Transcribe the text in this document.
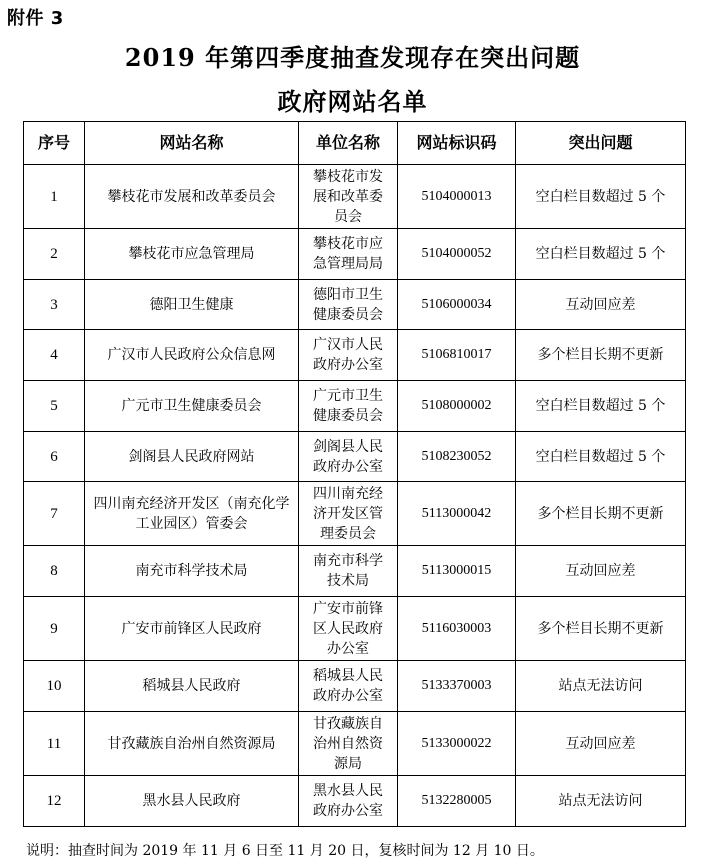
附件 3
2019 年第四季度抽查发现存在突出问题
政府网站名单
序号	网站名称	单位名称	网站标识码	突出问题
1	攀枝花市发展和改革委员会	攀枝花市发展和改革委员会	5104000013	空白栏目数超过 5 个
2	攀枝花市应急管理局	攀枝花市应急管理局局	5104000052	空白栏目数超过 5 个
3	德阳卫生健康	德阳市卫生健康委员会	5106000034	互动回应差
4	广汉市人民政府公众信息网	广汉市人民政府办公室	5106810017	多个栏目长期不更新
5	广元市卫生健康委员会	广元市卫生健康委员会	5108000002	空白栏目数超过 5 个
6	剑阁县人民政府网站	剑阁县人民政府办公室	5108230052	空白栏目数超过 5 个
7	四川南充经济开发区（南充化学工业园区）管委会	四川南充经济开发区管理委员会	5113000042	多个栏目长期不更新
8	南充市科学技术局	南充市科学技术局	5113000015	互动回应差
9	广安市前锋区人民政府	广安市前锋区人民政府办公室	5116030003	多个栏目长期不更新
10	稻城县人民政府	稻城县人民政府办公室	5133370003	站点无法访问
11	甘孜藏族自治州自然资源局	甘孜藏族自治州自然资源局	5133000022	互动回应差
12	黑水县人民政府	黑水县人民政府办公室	5132280005	站点无法访问
说明：抽查时间为 2019 年 11 月 6 日至 11 月 20 日，复核时间为 12 月 10 日。
